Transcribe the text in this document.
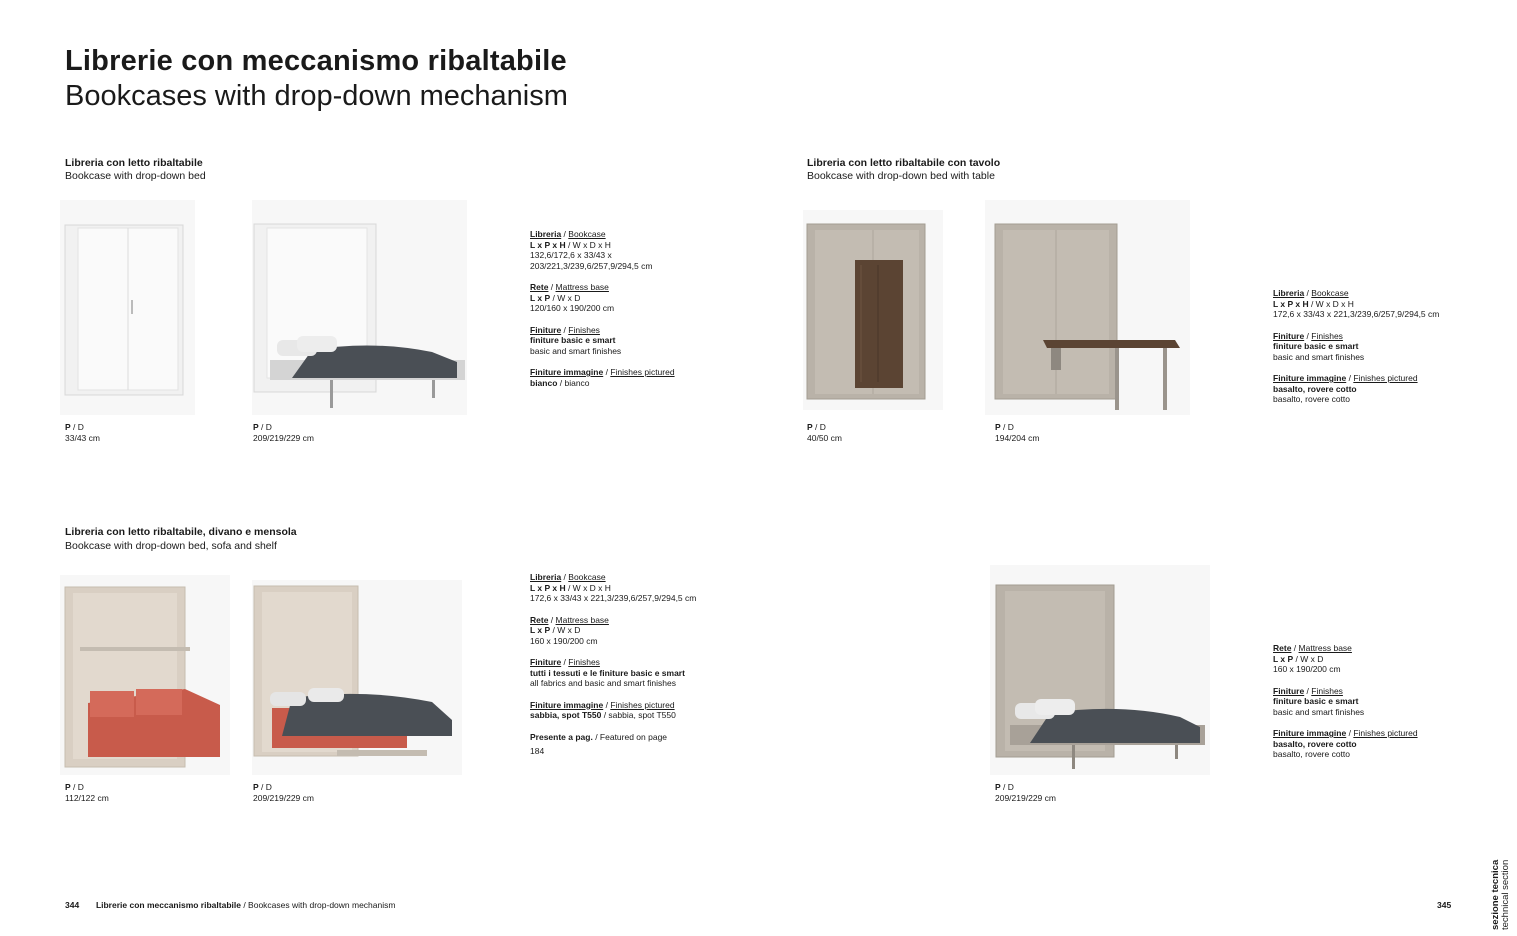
Librerie con meccanismo ribaltabile
Bookcases with drop-down mechanism
Libreria con letto ribaltabile
Bookcase with drop-down bed
P / D
33/43 cm
P / D
209/219/229 cm
Libreria / Bookcase
L x P x H / W x D x H
132,6/172,6 x 33/43 x
203/221,3/239,6/257,9/294,5 cm
Rete / Mattress base
L x P / W x D
120/160 x 190/200 cm
Finiture / Finishes
finiture basic e smart
basic and smart finishes
Finiture immagine / Finishes pictured
bianco / bianco
Libreria con letto ribaltabile con tavolo
Bookcase with drop-down bed with table
P / D
40/50 cm
P / D
194/204 cm
Libreria / Bookcase
L x P x H / W x D x H
172,6 x 33/43 x 221,3/239,6/257,9/294,5 cm
Finiture / Finishes
finiture basic e smart
basic and smart finishes
Finiture immagine / Finishes pictured
basalto, rovere cotto
basalto, rovere cotto
Libreria con letto ribaltabile, divano e mensola
Bookcase with drop-down bed, sofa and shelf
P / D
112/122 cm
P / D
209/219/229 cm
Libreria / Bookcase
L x P x H / W x D x H
172,6 x 33/43 x 221,3/239,6/257,9/294,5 cm
Rete / Mattress base
L x P / W x D
160 x 190/200 cm
Finiture / Finishes
tutti i tessuti e le finiture basic e smart
all fabrics and basic and smart finishes
Finiture immagine / Finishes pictured
sabbia, spot T550 / sabbia, spot T550
Presente a pag. / Featured on page
184
P / D
209/219/229 cm
Rete / Mattress base
L x P / W x D
160 x 190/200 cm
Finiture / Finishes
finiture basic e smart
basic and smart finishes
Finiture immagine / Finishes pictured
basalto, rovere cotto
basalto, rovere cotto
344 Librerie con meccanismo ribaltabile / Bookcases with drop-down mechanism	345	sezione tecnica technical section
